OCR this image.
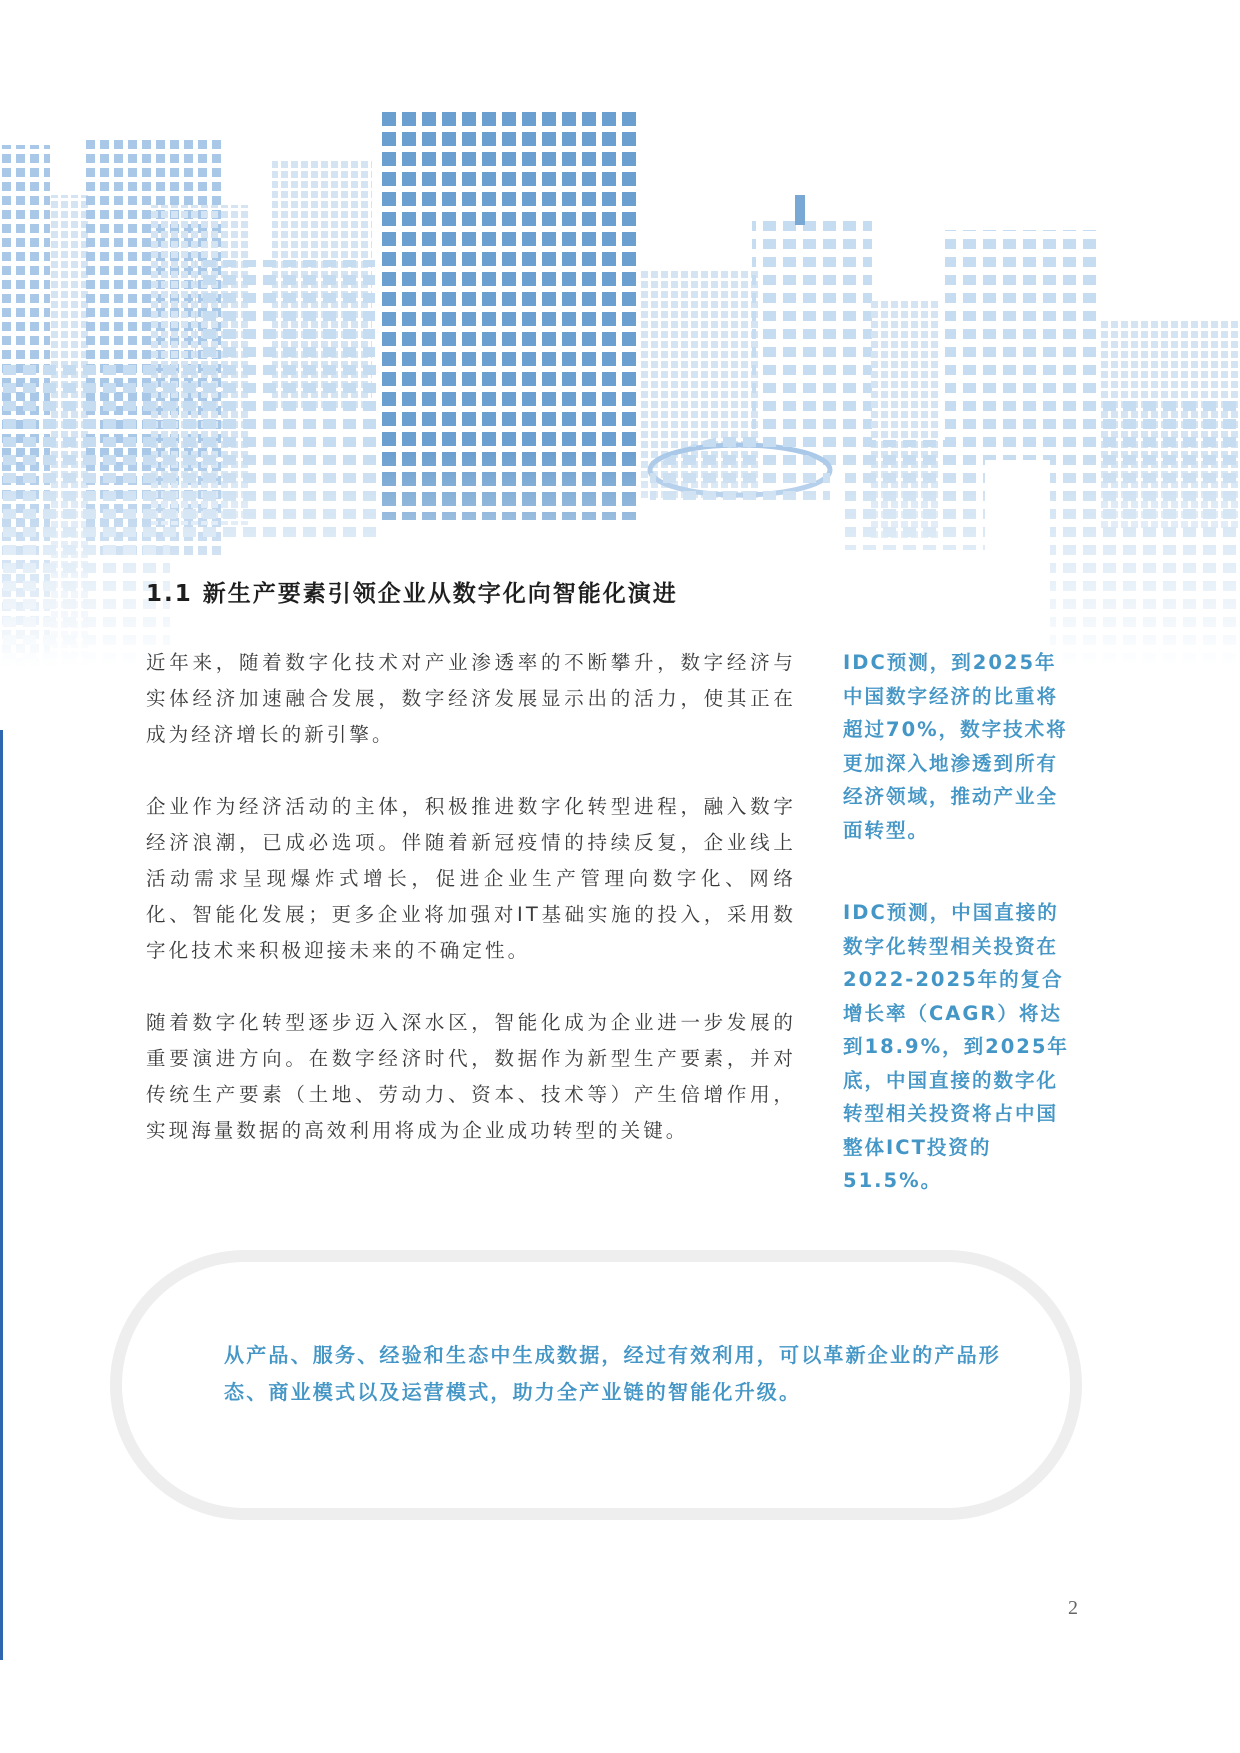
1.1 新生产要素引领企业从数字化向智能化演进

近年来，随着数字化技术对产业渗透率的不断攀升，数字经济与实体经济加速融合发展，数字经济发展显示出的活力，使其正在成为经济增长的新引擎。

企业作为经济活动的主体，积极推进数字化转型进程，融入数字经济浪潮，已成必选项。伴随着新冠疫情的持续反复，企业线上活动需求呈现爆炸式增长，促进企业生产管理向数字化、网络化、智能化发展；更多企业将加强对IT基础实施的投入，采用数字化技术来积极迎接未来的不确定性。

随着数字化转型逐步迈入深水区，智能化成为企业进一步发展的重要演进方向。在数字经济时代，数据作为新型生产要素，并对传统生产要素（土地、劳动力、资本、技术等）产生倍增作用，实现海量数据的高效利用将成为企业成功转型的关键。

IDC预测，到2025年中国数字经济的比重将超过70%，数字技术将更加深入地渗透到所有经济领域，推动产业全面转型。

IDC预测，中国直接的数字化转型相关投资在2022-2025年的复合增长率（CAGR）将达到18.9%，到2025年底，中国直接的数字化转型相关投资将占中国整体ICT投资的51.5%。

从产品、服务、经验和生态中生成数据，经过有效利用，可以革新企业的产品形态、商业模式以及运营模式，助力全产业链的智能化升级。

2
